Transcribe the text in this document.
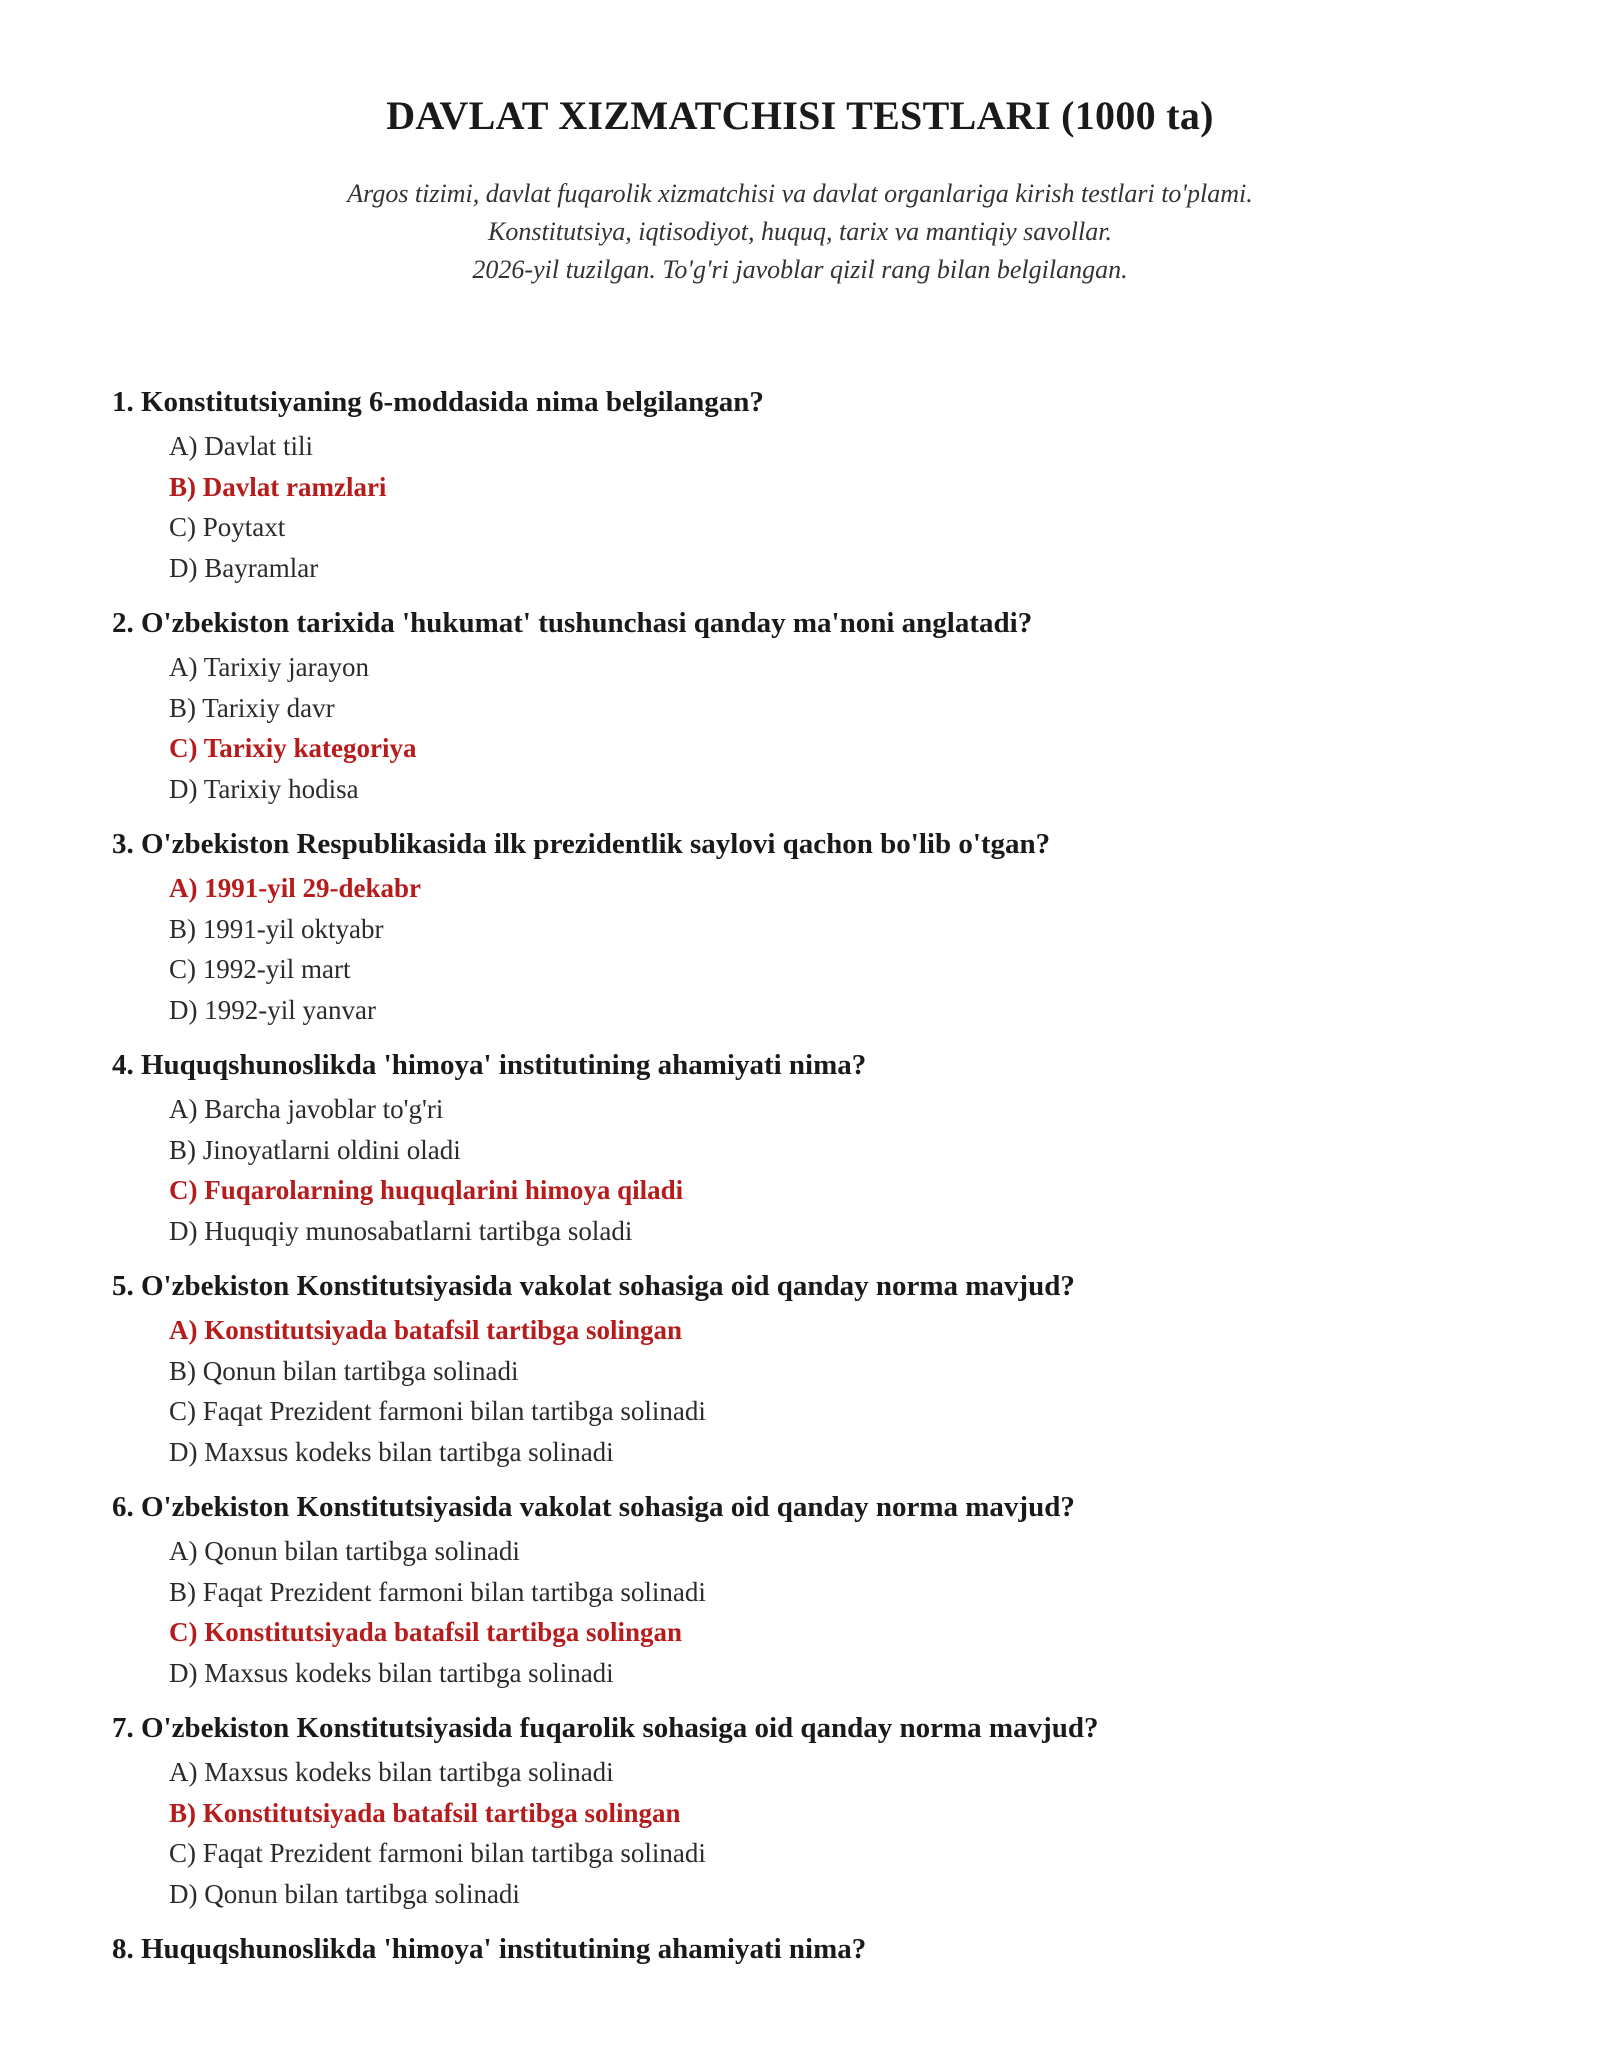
DAVLAT XIZMATCHISI TESTLARI (1000 ta)
Argos tizimi, davlat fuqarolik xizmatchisi va davlat organlariga kirish testlari to'plami.
Konstitutsiya, iqtisodiyot, huquq, tarix va mantiqiy savollar.
2026-yil tuzilgan. To'g'ri javoblar qizil rang bilan belgilangan.
1. Konstitutsiyaning 6-moddasida nima belgilangan?
A) Davlat tili
B) Davlat ramzlari
C) Poytaxt
D) Bayramlar
2. O'zbekiston tarixida 'hukumat' tushunchasi qanday ma'noni anglatadi?
A) Tarixiy jarayon
B) Tarixiy davr
C) Tarixiy kategoriya
D) Tarixiy hodisa
3. O'zbekiston Respublikasida ilk prezidentlik saylovi qachon bo'lib o'tgan?
A) 1991-yil 29-dekabr
B) 1991-yil oktyabr
C) 1992-yil mart
D) 1992-yil yanvar
4. Huquqshunoslikda 'himoya' institutining ahamiyati nima?
A) Barcha javoblar to'g'ri
B) Jinoyatlarni oldini oladi
C) Fuqarolarning huquqlarini himoya qiladi
D) Huquqiy munosabatlarni tartibga soladi
5. O'zbekiston Konstitutsiyasida vakolat sohasiga oid qanday norma mavjud?
A) Konstitutsiyada batafsil tartibga solingan
B) Qonun bilan tartibga solinadi
C) Faqat Prezident farmoni bilan tartibga solinadi
D) Maxsus kodeks bilan tartibga solinadi
6. O'zbekiston Konstitutsiyasida vakolat sohasiga oid qanday norma mavjud?
A) Qonun bilan tartibga solinadi
B) Faqat Prezident farmoni bilan tartibga solinadi
C) Konstitutsiyada batafsil tartibga solingan
D) Maxsus kodeks bilan tartibga solinadi
7. O'zbekiston Konstitutsiyasida fuqarolik sohasiga oid qanday norma mavjud?
A) Maxsus kodeks bilan tartibga solinadi
B) Konstitutsiyada batafsil tartibga solingan
C) Faqat Prezident farmoni bilan tartibga solinadi
D) Qonun bilan tartibga solinadi
8. Huquqshunoslikda 'himoya' institutining ahamiyati nima?
